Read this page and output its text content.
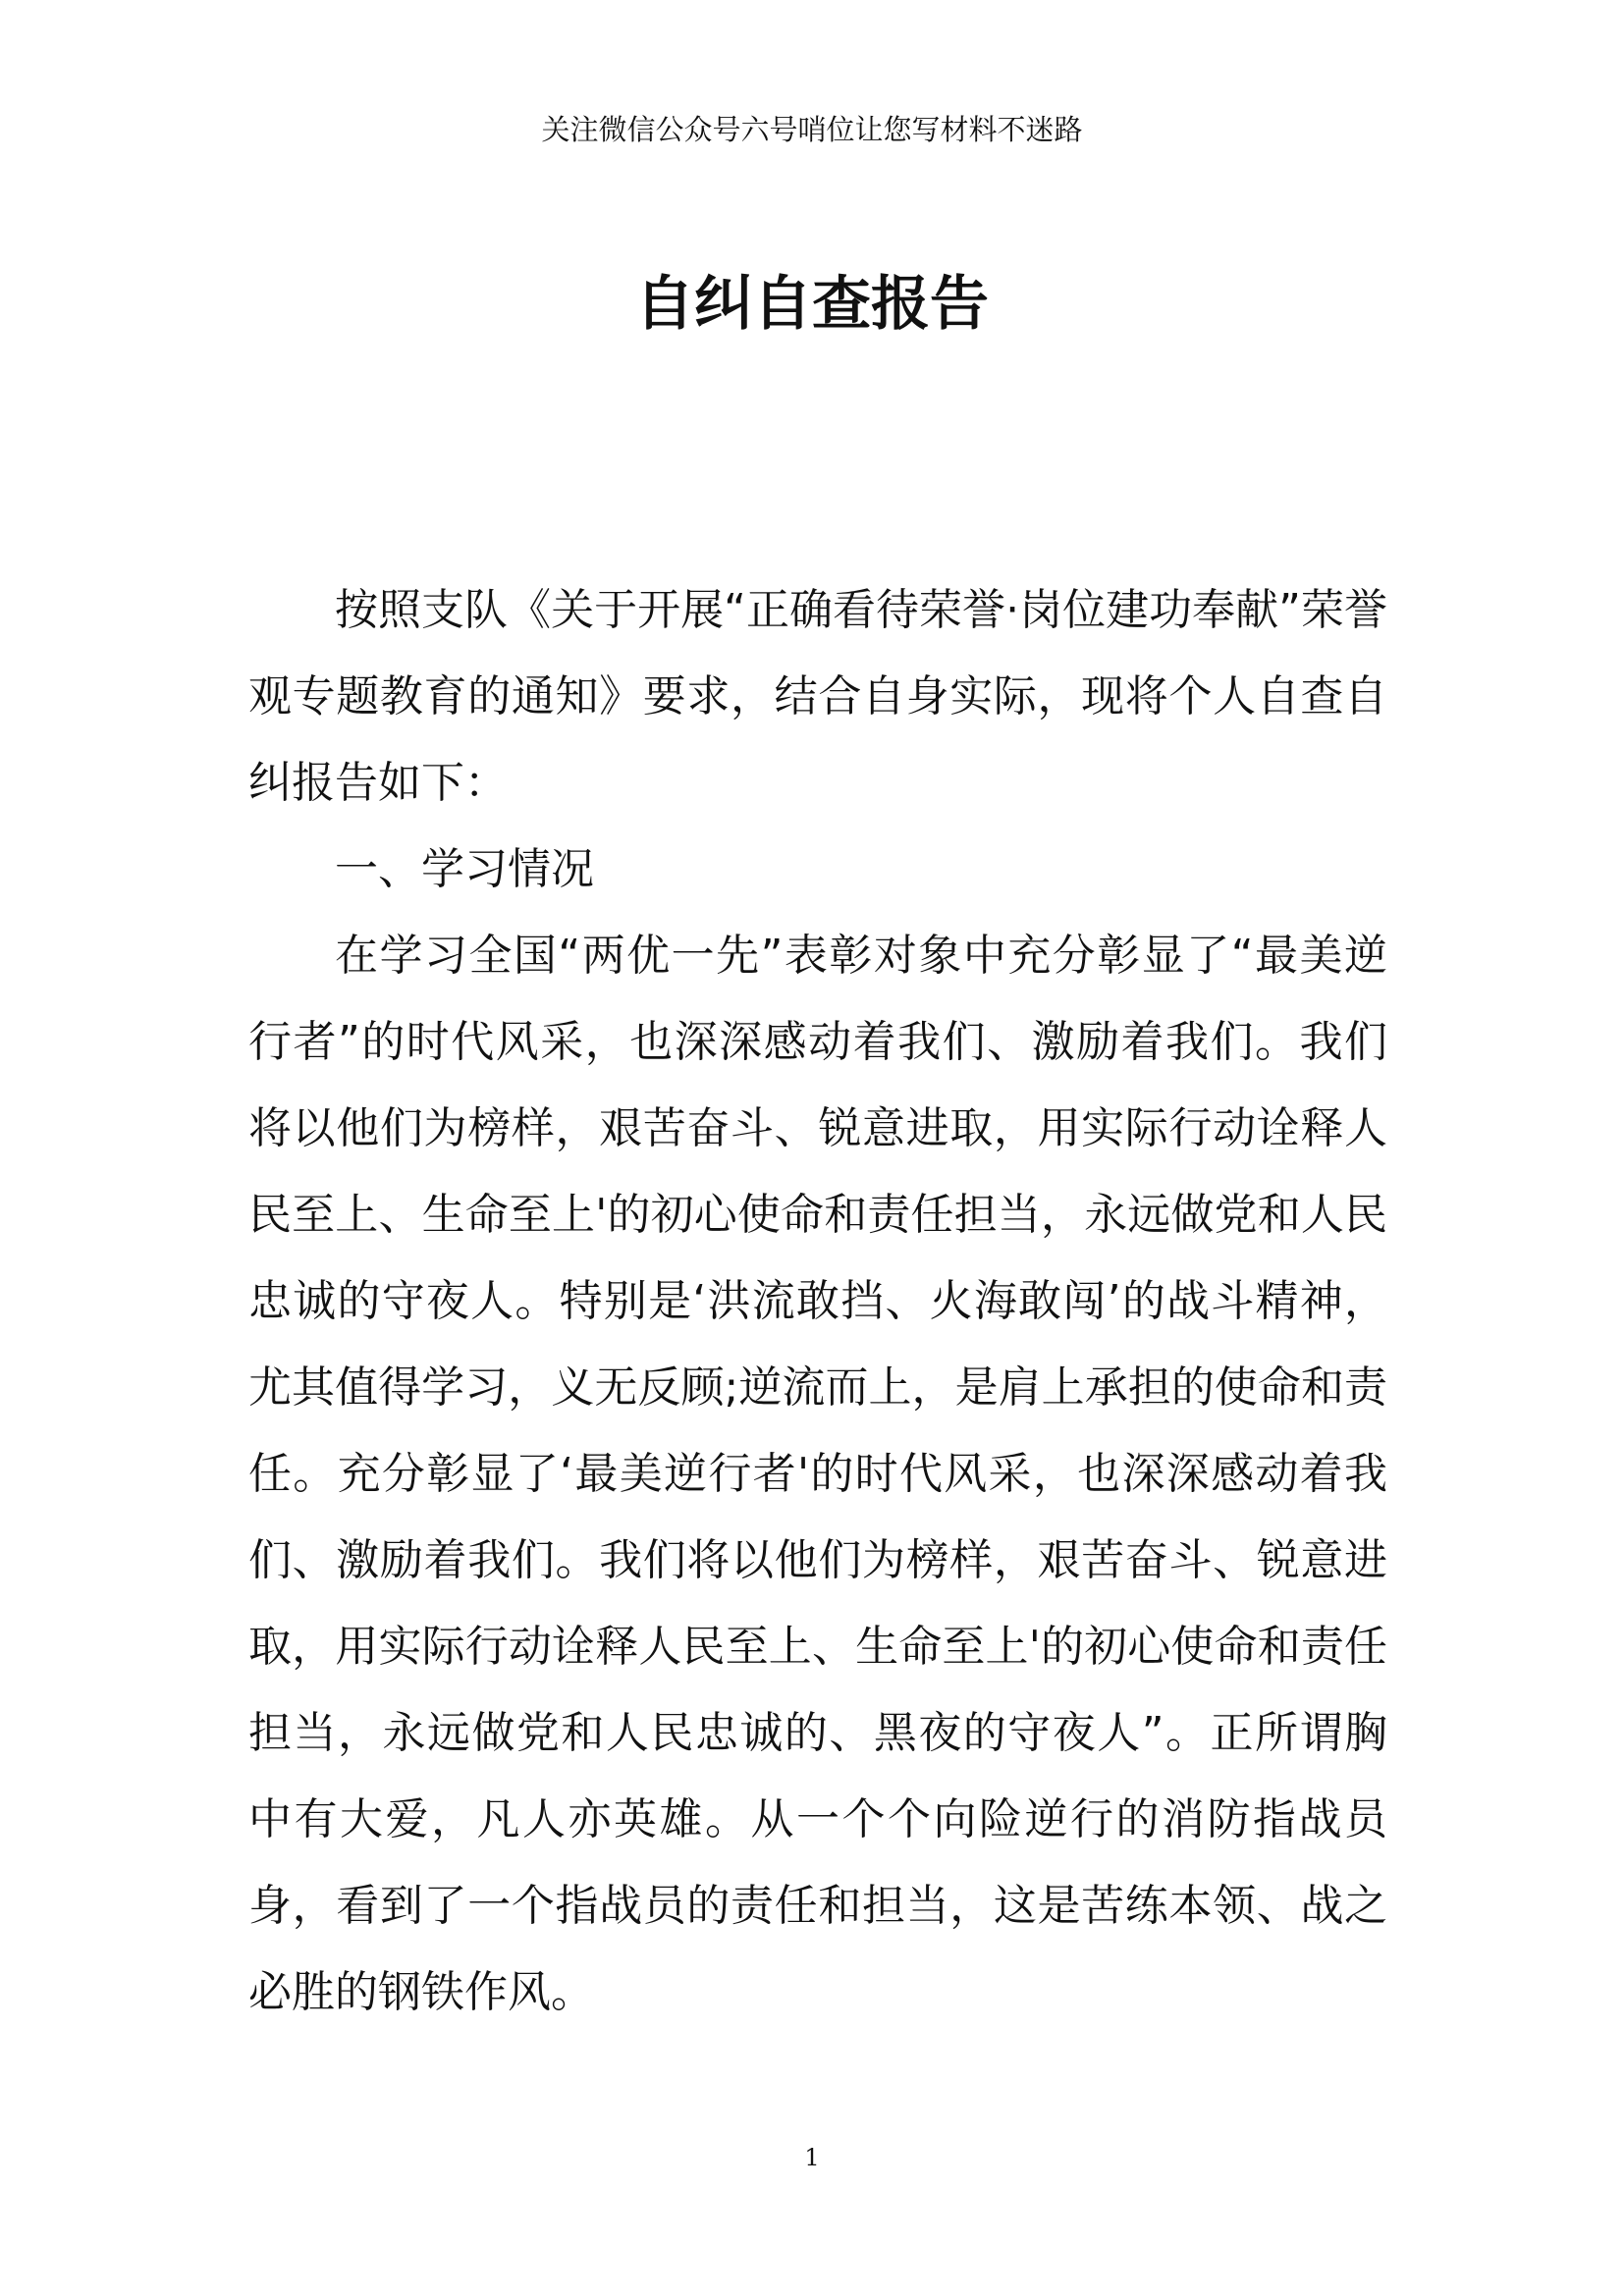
关注微信公众号六号哨位让您写材料不迷路
自纠自查报告

按照支队《关于开展“正确看待荣誉·岗位建功奉献”荣誉观专题教育的通知》要求，结合自身实际，现将个人自查自纠报告如下：

一、学习情况

在学习全国“两优一先”表彰对象中充分彰显了“最美逆行者”的时代风采，也深深感动着我们、激励着我们。我们将以他们为榜样，艰苦奋斗、锐意进取，用实际行动诠释人民至上、生命至上'的初心使命和责任担当，永远做党和人民忠诚的守夜人。特别是‘洪流敢挡、火海敢闯’的战斗精神，尤其值得学习，义无反顾;逆流而上，是肩上承担的使命和责任。充分彰显了‘最美逆行者'的时代风采，也深深感动着我们、激励着我们。我们将以他们为榜样，艰苦奋斗、锐意进取，用实际行动诠释人民至上、生命至上'的初心使命和责任担当，永远做党和人民忠诚的、黑夜的守夜人”。正所谓胸中有大爱，凡人亦英雄。从一个个向险逆行的消防指战员身，看到了一个指战员的责任和担当，这是苦练本领、战之必胜的钢铁作风。

1
